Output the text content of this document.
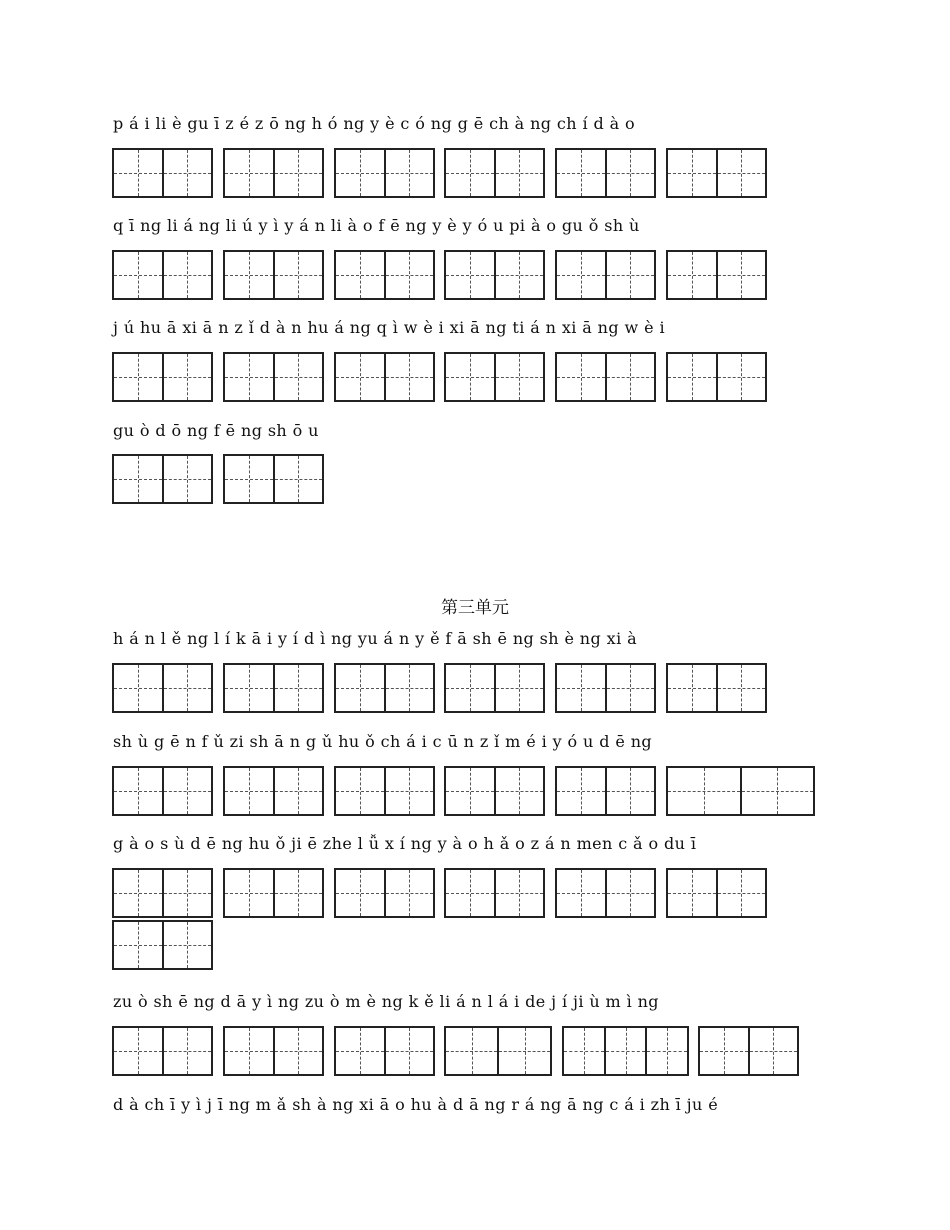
p á i li è gu ī z é z ō ng h ó ng y è c ó ng g ē ch à ng ch í d à o
q ī ng li á ng li ú y ì y á n li à o f ē ng y è y ó u pi à o gu ǒ sh ù
j ú hu ā xi ā n z ǐ d à n hu á ng q ì w è i xi ā ng ti á n xi ā ng w è i
gu ò d ō ng f ē ng sh ō u
第三单元
h á n l ě ng l í k ā i y í d ì ng yu á n y ě f ā sh ē ng sh è ng xi à
sh ù g ē n f ǔ zi sh ā n g ǔ hu ǒ ch á i c ū n z ǐ m é i y ó u d ē ng
g à o s ù d ē ng hu ǒ ji ē zhe l ǚ x í ng y à o h ǎ o z á n men c ǎ o du ī
zu ò sh ē ng d ā y ì ng zu ò m è ng k ě li á n l á i de j í ji ù m ì ng
d à ch ī y ì j ī ng m ǎ sh à ng xi ā o hu à d ā ng r á ng ā ng c á i zh ī ju é
